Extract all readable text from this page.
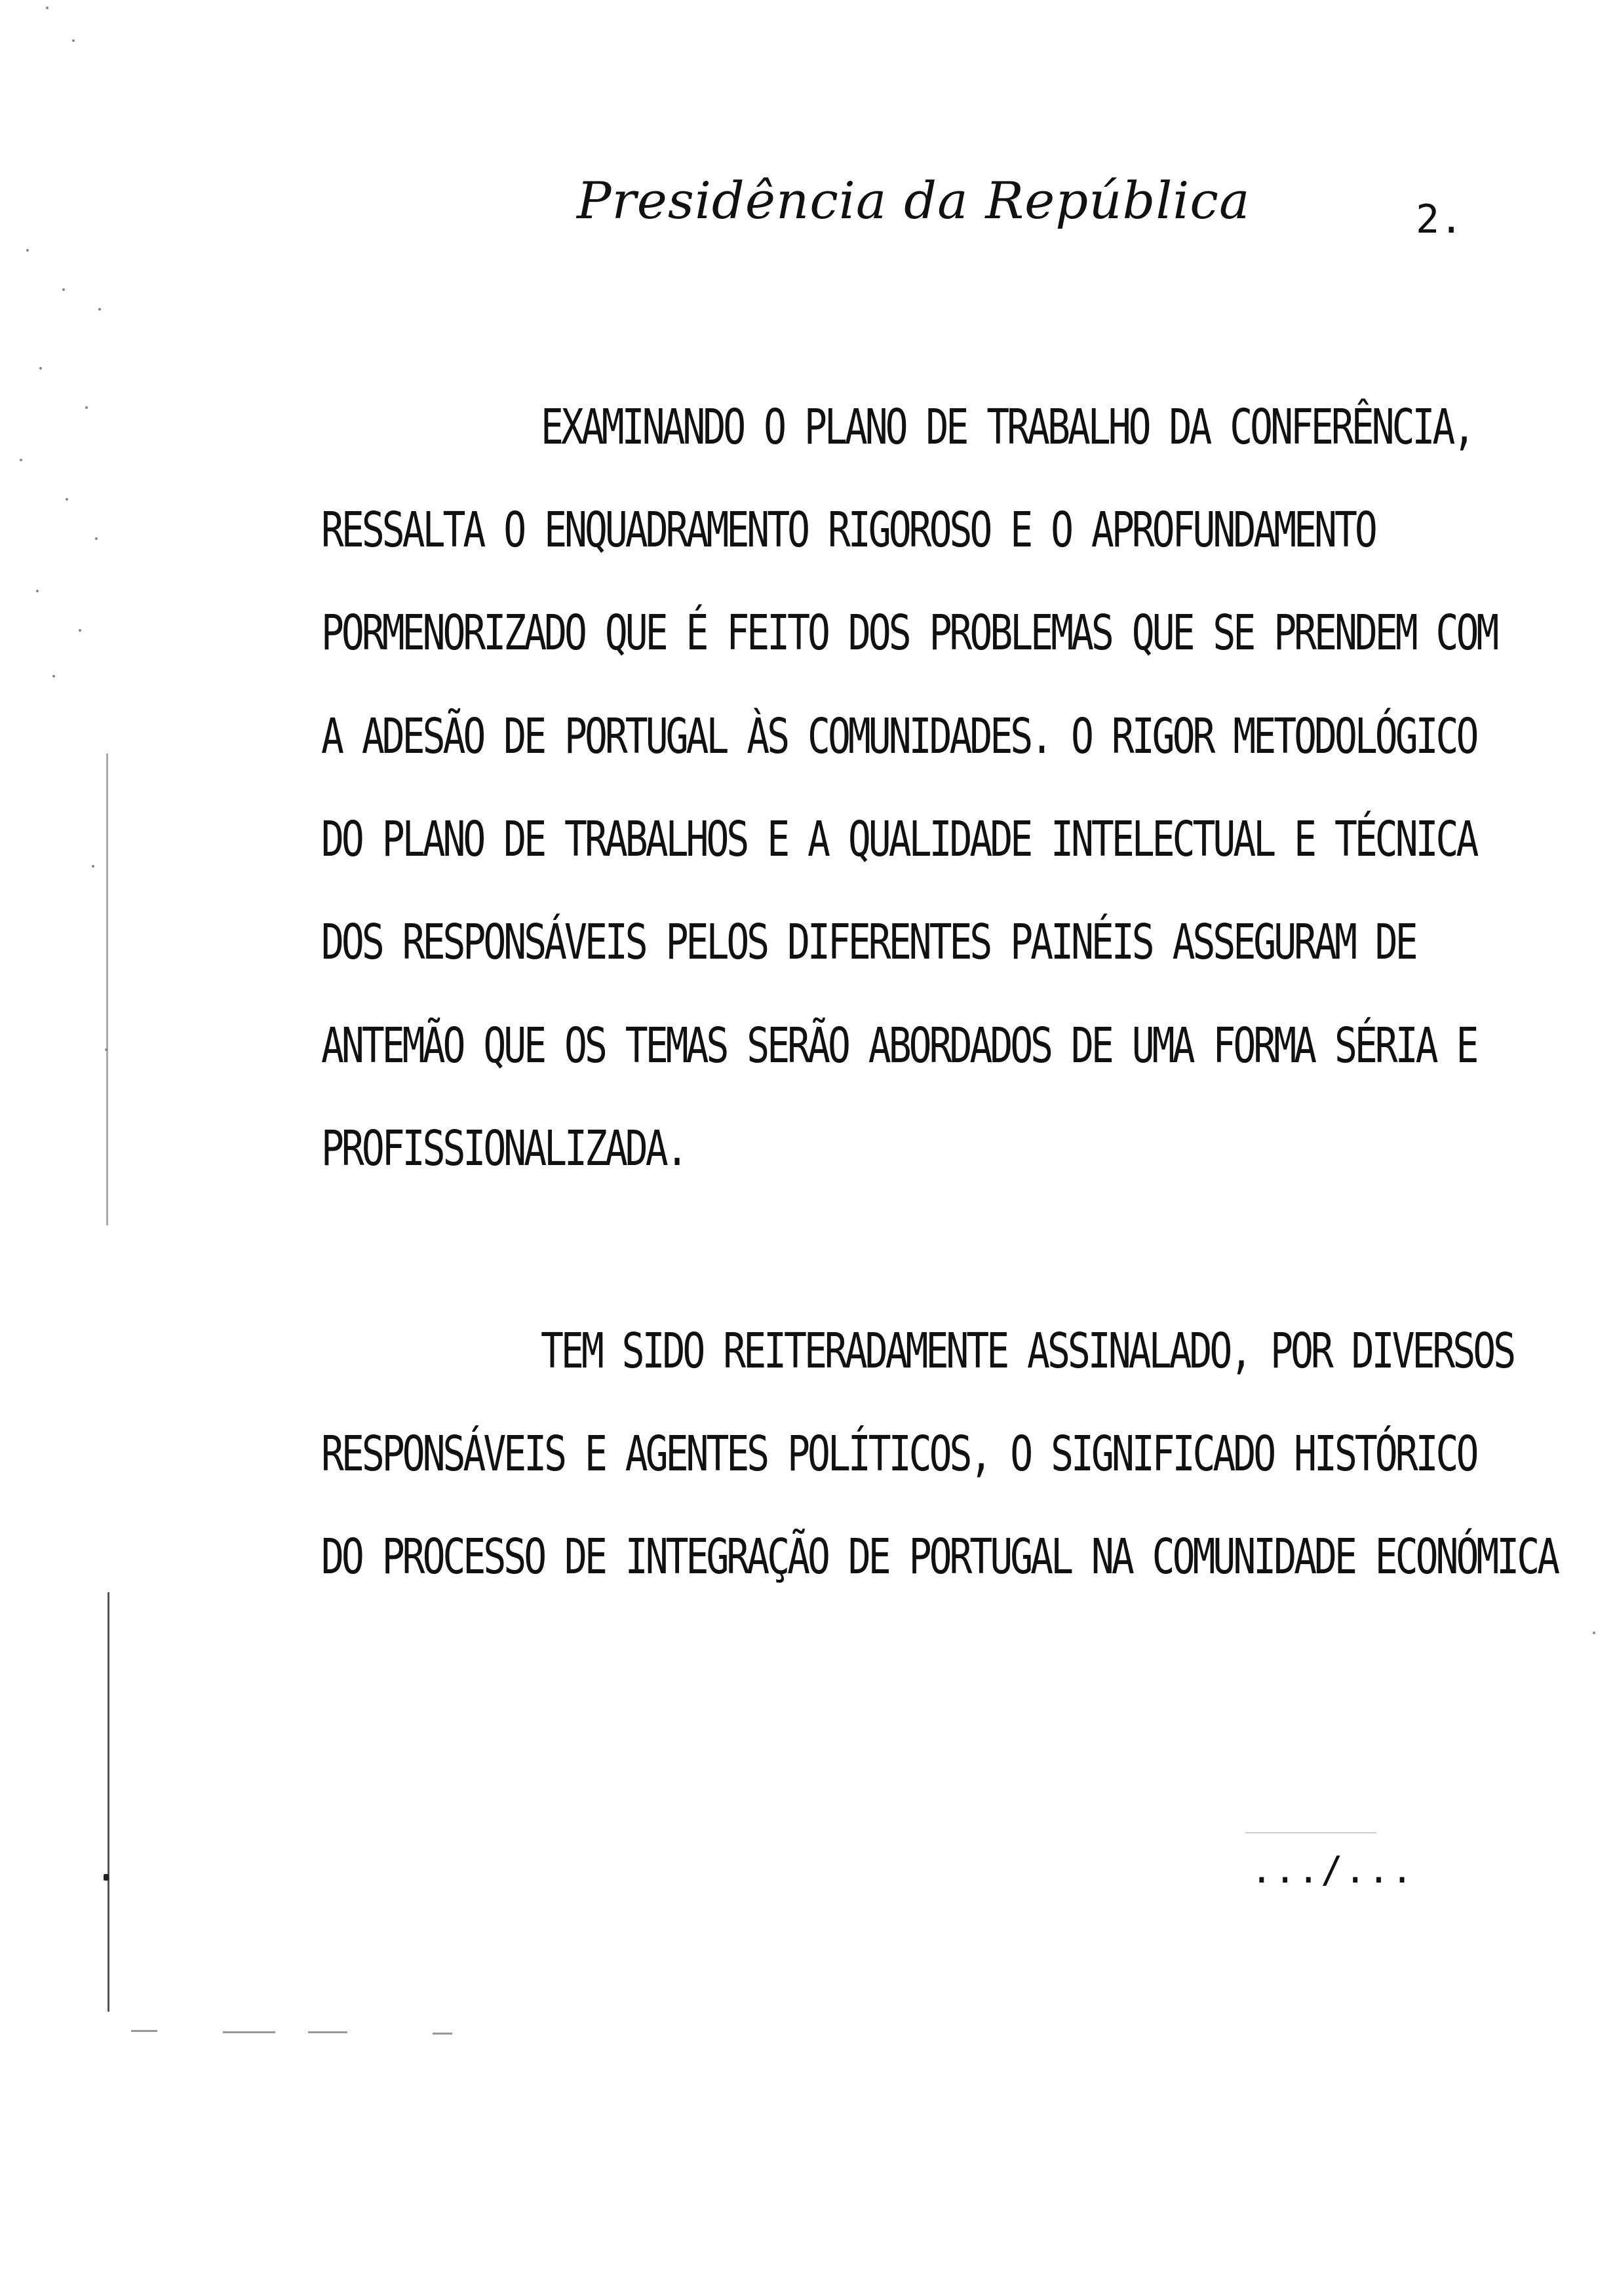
Presidência da República	2.
EXAMINANDO O PLANO DE TRABALHO DA CONFERÊNCIA,
RESSALTA O ENQUADRAMENTO RIGOROSO E O APROFUNDAMENTO
PORMENORIZADO QUE É FEITO DOS PROBLEMAS QUE SE PRENDEM COM
A ADESÃO DE PORTUGAL ÀS COMUNIDADES. O RIGOR METODOLÓGICO
DO PLANO DE TRABALHOS E A QUALIDADE INTELECTUAL E TÉCNICA
DOS RESPONSÁVEIS PELOS DIFERENTES PAINÉIS ASSEGURAM DE
ANTEMÃO QUE OS TEMAS SERÃO ABORDADOS DE UMA FORMA SÉRIA E
PROFISSIONALIZADA.
TEM SIDO REITERADAMENTE ASSINALADO, POR DIVERSOS
RESPONSÁVEIS E AGENTES POLÍTICOS, O SIGNIFICADO HISTÓRICO
DO PROCESSO DE INTEGRAÇÃO DE PORTUGAL NA COMUNIDADE ECONÓMICA
.../...
